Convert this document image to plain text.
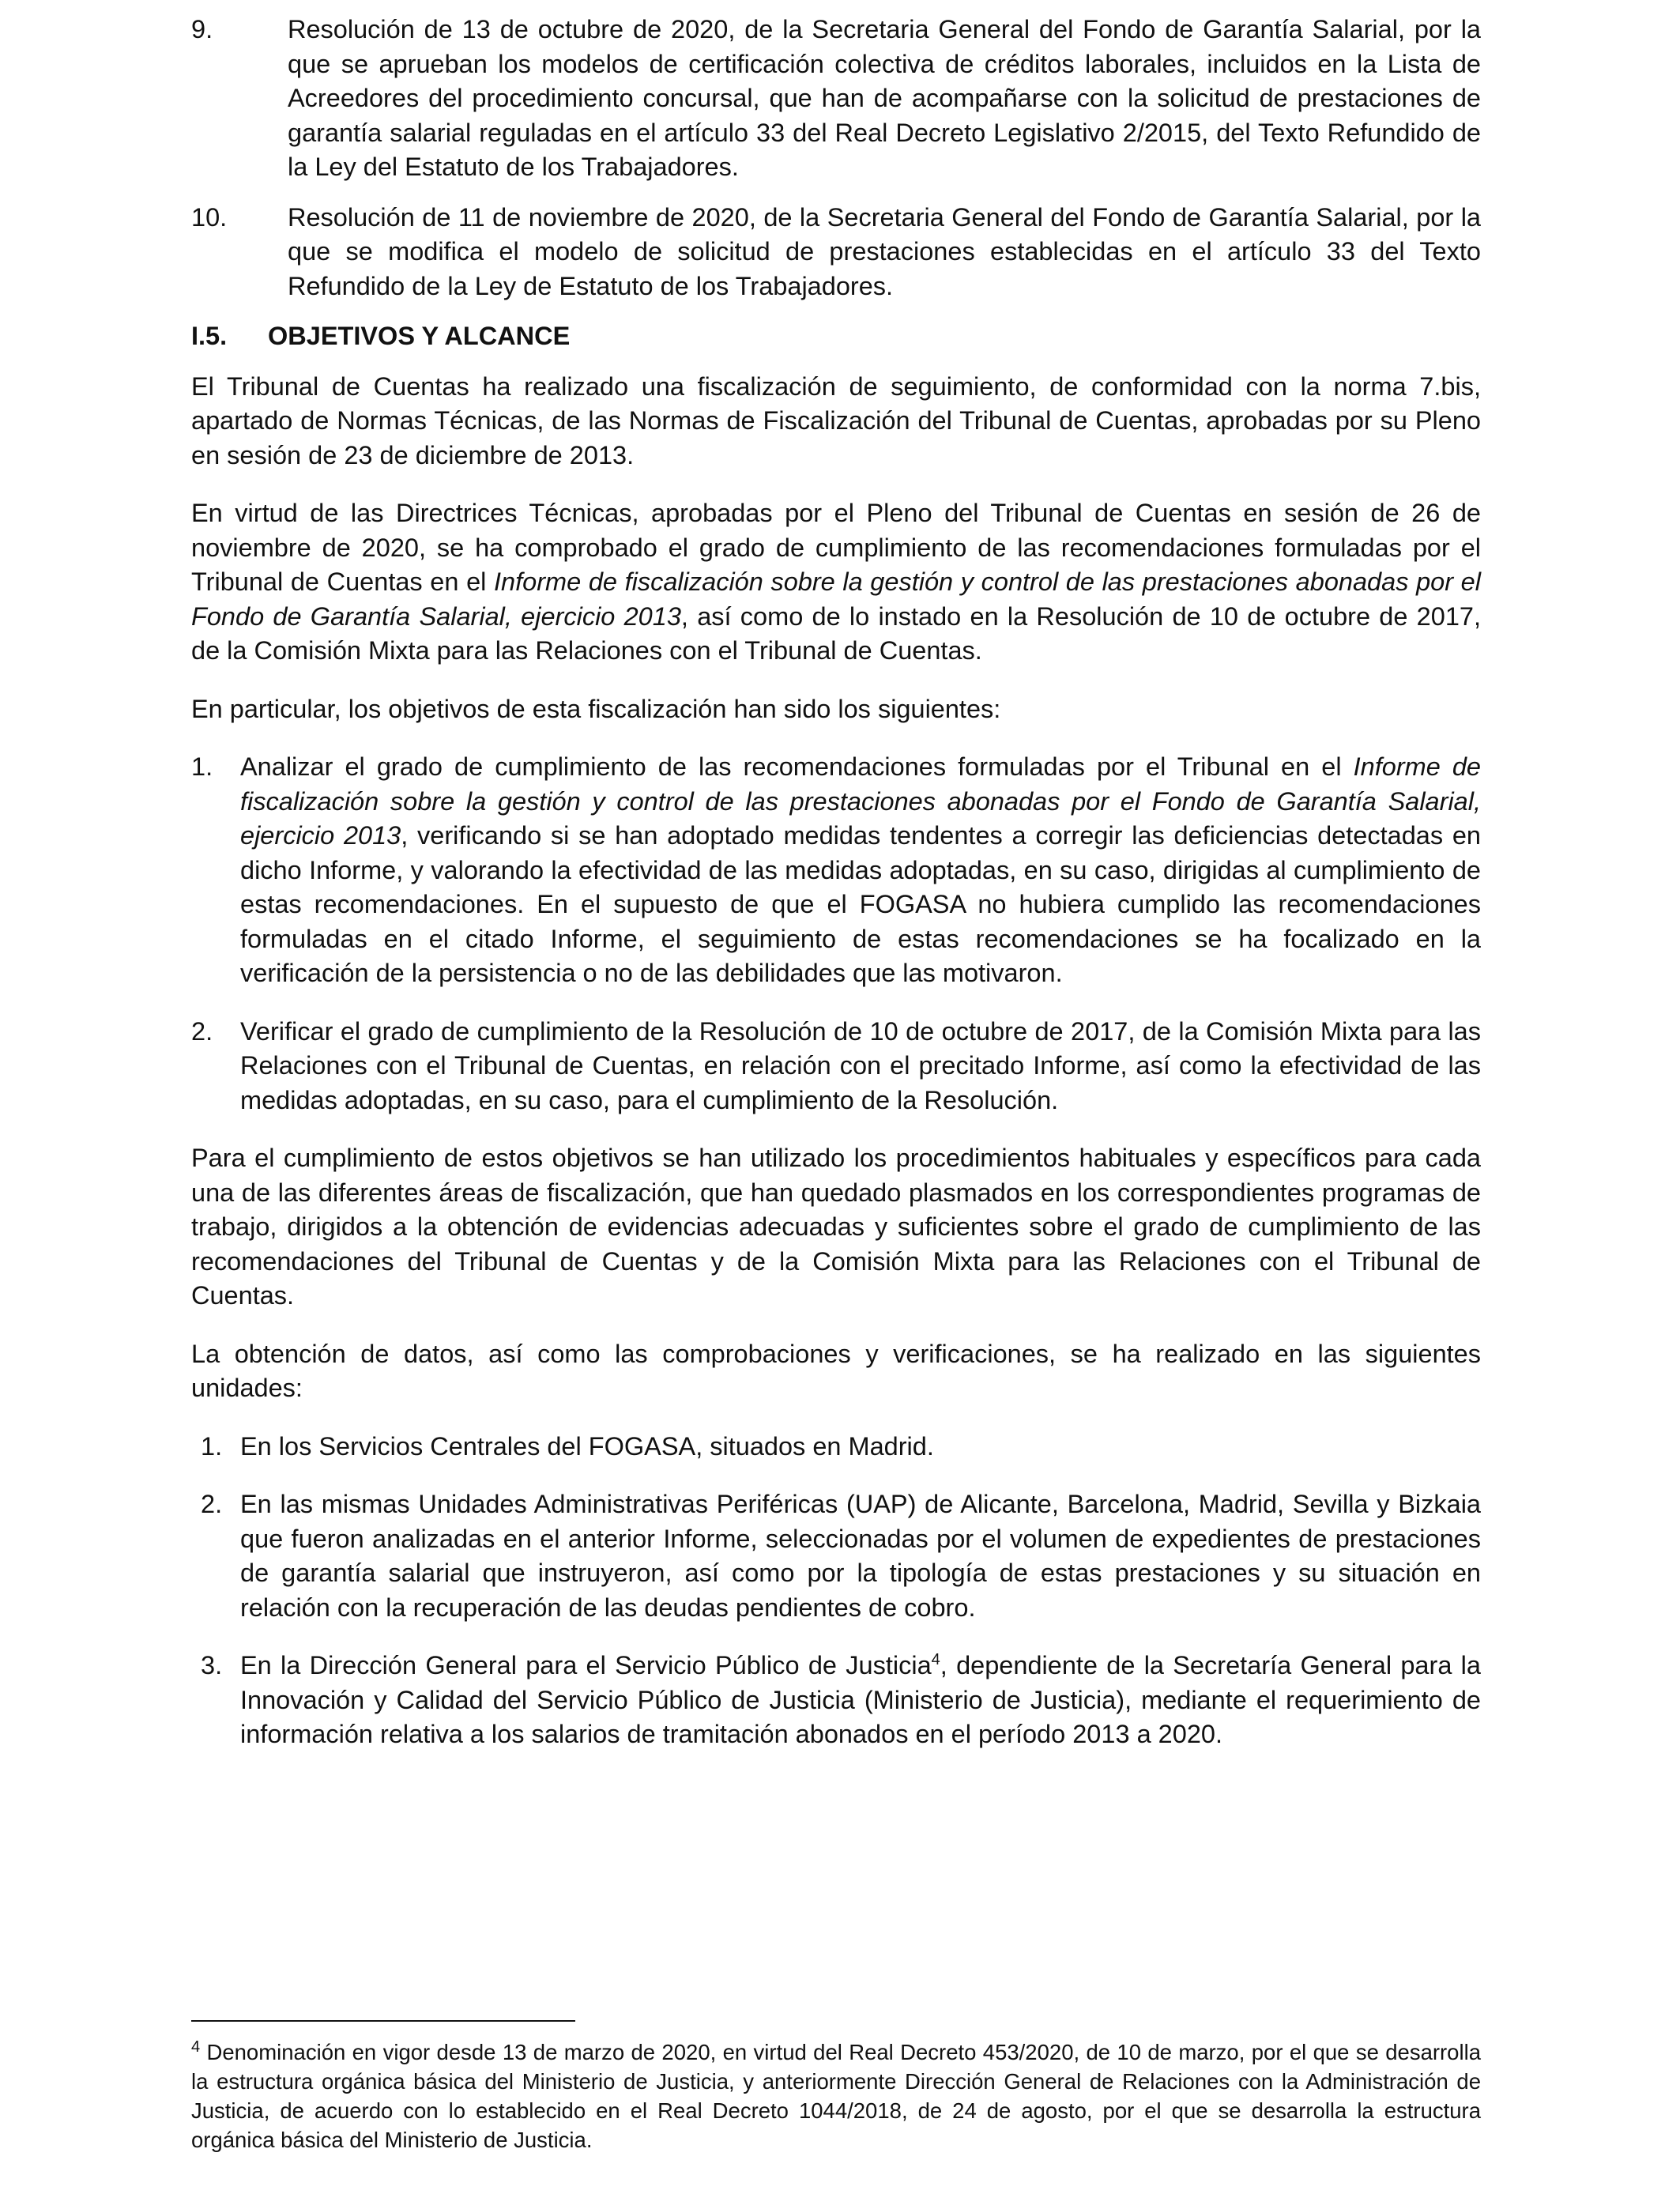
9.	Resolución de 13 de octubre de 2020, de la Secretaria General del Fondo de Garantía Salarial, por la que se aprueban los modelos de certificación colectiva de créditos laborales, incluidos en la Lista de Acreedores del procedimiento concursal, que han de acompañarse con la solicitud de prestaciones de garantía salarial reguladas en el artículo 33 del Real Decreto Legislativo 2/2015, del Texto Refundido de la Ley del Estatuto de los Trabajadores.

10.	Resolución de 11 de noviembre de 2020, de la Secretaria General del Fondo de Garantía Salarial, por la que se modifica el modelo de solicitud de prestaciones establecidas en el artículo 33 del Texto Refundido de la Ley de Estatuto de los Trabajadores.

I.5.	OBJETIVOS Y ALCANCE

El Tribunal de Cuentas ha realizado una fiscalización de seguimiento, de conformidad con la norma 7.bis, apartado de Normas Técnicas, de las Normas de Fiscalización del Tribunal de Cuentas, aprobadas por su Pleno en sesión de 23 de diciembre de 2013.

En virtud de las Directrices Técnicas, aprobadas por el Pleno del Tribunal de Cuentas en sesión de 26 de noviembre de 2020, se ha comprobado el grado de cumplimiento de las recomendaciones formuladas por el Tribunal de Cuentas en el Informe de fiscalización sobre la gestión y control de las prestaciones abonadas por el Fondo de Garantía Salarial, ejercicio 2013, así como de lo instado en la Resolución de 10 de octubre de 2017, de la Comisión Mixta para las Relaciones con el Tribunal de Cuentas.

En particular, los objetivos de esta fiscalización han sido los siguientes:

1.	Analizar el grado de cumplimiento de las recomendaciones formuladas por el Tribunal en el Informe de fiscalización sobre la gestión y control de las prestaciones abonadas por el Fondo de Garantía Salarial, ejercicio 2013, verificando si se han adoptado medidas tendentes a corregir las deficiencias detectadas en dicho Informe, y valorando la efectividad de las medidas adoptadas, en su caso, dirigidas al cumplimiento de estas recomendaciones. En el supuesto de que el FOGASA no hubiera cumplido las recomendaciones formuladas en el citado Informe, el seguimiento de estas recomendaciones se ha focalizado en la verificación de la persistencia o no de las debilidades que las motivaron.

2.	Verificar el grado de cumplimiento de la Resolución de 10 de octubre de 2017, de la Comisión Mixta para las Relaciones con el Tribunal de Cuentas, en relación con el precitado Informe, así como la efectividad de las medidas adoptadas, en su caso, para el cumplimiento de la Resolución.

Para el cumplimiento de estos objetivos se han utilizado los procedimientos habituales y específicos para cada una de las diferentes áreas de fiscalización, que han quedado plasmados en los correspondientes programas de trabajo, dirigidos a la obtención de evidencias adecuadas y suficientes sobre el grado de cumplimiento de las recomendaciones del Tribunal de Cuentas y de la Comisión Mixta para las Relaciones con el Tribunal de Cuentas.

La obtención de datos, así como las comprobaciones y verificaciones, se ha realizado en las siguientes unidades:

1. En los Servicios Centrales del FOGASA, situados en Madrid.

2. En las mismas Unidades Administrativas Periféricas (UAP) de Alicante, Barcelona, Madrid, Sevilla y Bizkaia que fueron analizadas en el anterior Informe, seleccionadas por el volumen de expedientes de prestaciones de garantía salarial que instruyeron, así como por la tipología de estas prestaciones y su situación en relación con la recuperación de las deudas pendientes de cobro.

3. En la Dirección General para el Servicio Público de Justicia$^4$, dependiente de la Secretaría General para la Innovación y Calidad del Servicio Público de Justicia (Ministerio de Justicia), mediante el requerimiento de información relativa a los salarios de tramitación abonados en el período 2013 a 2020.

$^4$ Denominación en vigor desde 13 de marzo de 2020, en virtud del Real Decreto 453/2020, de 10 de marzo, por el que se desarrolla la estructura orgánica básica del Ministerio de Justicia, y anteriormente Dirección General de Relaciones con la Administración de Justicia, de acuerdo con lo establecido en el Real Decreto 1044/2018, de 24 de agosto, por el que se desarrolla la estructura orgánica básica del Ministerio de Justicia.
